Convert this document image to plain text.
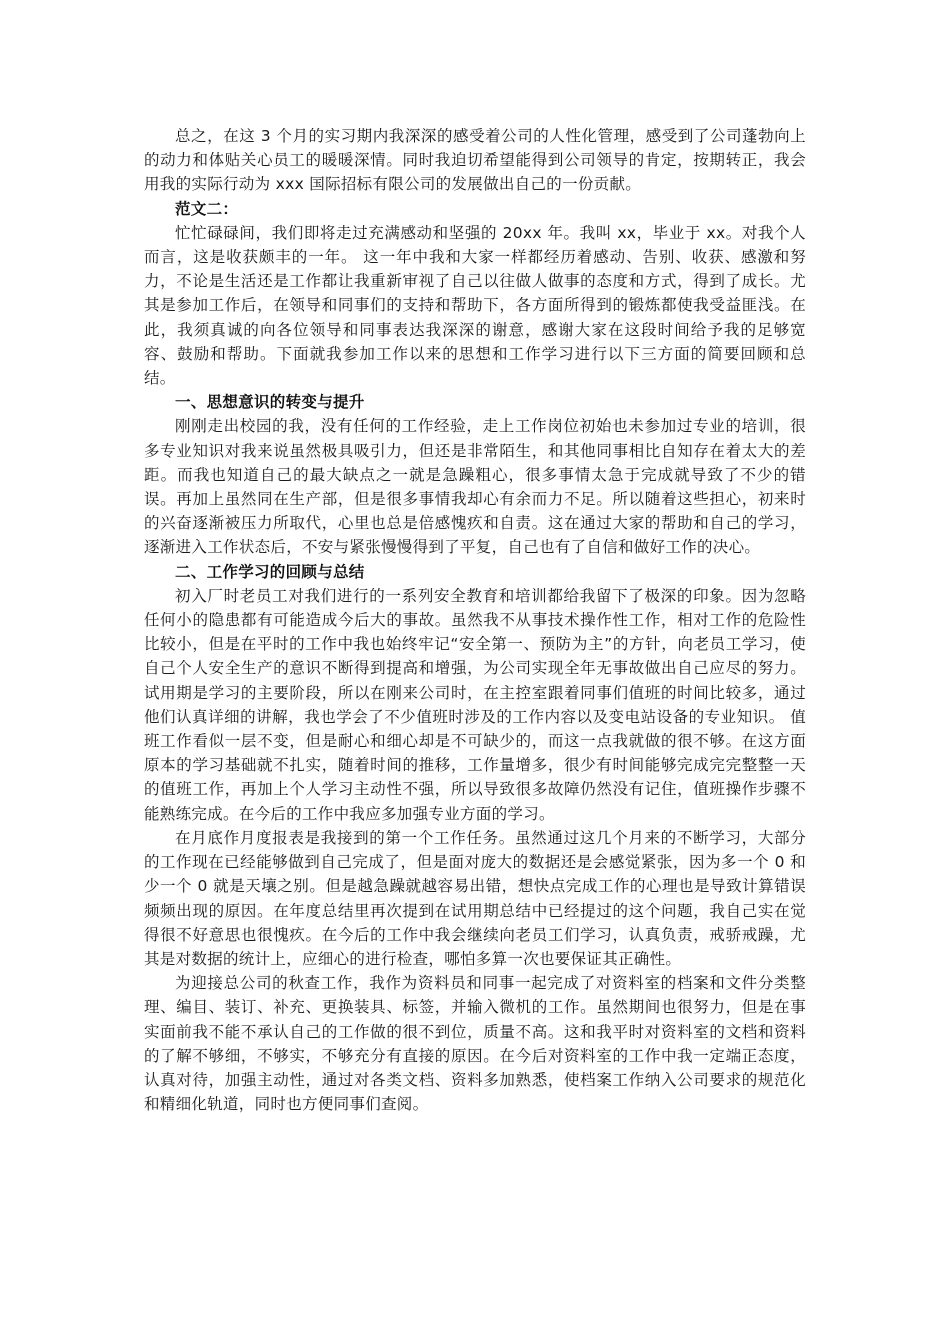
总之，在这 3 个月的实习期内我深深的感受着公司的人性化管理，感受到了公司蓬勃向上的动力和体贴关心员工的暖暖深情。同时我迫切希望能得到公司领导的肯定，按期转正，我会用我的实际行动为 xxx 国际招标有限公司的发展做出自己的一份贡献。

范文二：

忙忙碌碌间，我们即将走过充满感动和坚强的 20xx 年。我叫 xx，毕业于 xx。对我个人而言，这是收获颇丰的一年。 这一年中我和大家一样都经历着感动、告别、收获、感激和努力，不论是生活还是工作都让我重新审视了自己以往做人做事的态度和方式，得到了成长。尤其是参加工作后，在领导和同事们的支持和帮助下，各方面所得到的锻炼都使我受益匪浅。在此，我须真诚的向各位领导和同事表达我深深的谢意，感谢大家在这段时间给予我的足够宽容、鼓励和帮助。下面就我参加工作以来的思想和工作学习进行以下三方面的简要回顾和总结。

一、思想意识的转变与提升

刚刚走出校园的我，没有任何的工作经验，走上工作岗位初始也未参加过专业的培训，很多专业知识对我来说虽然极具吸引力，但还是非常陌生，和其他同事相比自知存在着太大的差距。而我也知道自己的最大缺点之一就是急躁粗心，很多事情太急于完成就导致了不少的错误。再加上虽然同在生产部，但是很多事情我却心有余而力不足。所以随着这些担心，初来时的兴奋逐渐被压力所取代，心里也总是倍感愧疚和自责。这在通过大家的帮助和自己的学习，逐渐进入工作状态后，不安与紧张慢慢得到了平复，自己也有了自信和做好工作的决心。

二、工作学习的回顾与总结

初入厂时老员工对我们进行的一系列安全教育和培训都给我留下了极深的印象。因为忽略任何小的隐患都有可能造成今后大的事故。虽然我不从事技术操作性工作，相对工作的危险性比较小，但是在平时的工作中我也始终牢记“安全第一、预防为主”的方针，向老员工学习，使自己个人安全生产的意识不断得到提高和增强，为公司实现全年无事故做出自己应尽的努力。试用期是学习的主要阶段，所以在刚来公司时，在主控室跟着同事们值班的时间比较多，通过他们认真详细的讲解，我也学会了不少值班时涉及的工作内容以及变电站设备的专业知识。 值班工作看似一层不变，但是耐心和细心却是不可缺少的，而这一点我就做的很不够。在这方面原本的学习基础就不扎实，随着时间的推移，工作量增多，很少有时间能够完成完完整整一天的值班工作，再加上个人学习主动性不强，所以导致很多故障仍然没有记住，值班操作步骤不能熟练完成。在今后的工作中我应多加强专业方面的学习。

在月底作月度报表是我接到的第一个工作任务。虽然通过这几个月来的不断学习，大部分的工作现在已经能够做到自己完成了，但是面对庞大的数据还是会感觉紧张，因为多一个 0 和少一个 0 就是天壤之别。但是越急躁就越容易出错，想快点完成工作的心理也是导致计算错误频频出现的原因。在年度总结里再次提到在试用期总结中已经提过的这个问题，我自己实在觉得很不好意思也很愧疚。在今后的工作中我会继续向老员工们学习，认真负责，戒骄戒躁，尤其是对数据的统计上，应细心的进行检查，哪怕多算一次也要保证其正确性。

为迎接总公司的秋查工作，我作为资料员和同事一起完成了对资料室的档案和文件分类整理、编目、装订、补充、更换装具、标签，并输入微机的工作。虽然期间也很努力，但是在事实面前我不能不承认自己的工作做的很不到位，质量不高。这和我平时对资料室的文档和资料的了解不够细，不够实，不够充分有直接的原因。在今后对资料室的工作中我一定端正态度，认真对待，加强主动性，通过对各类文档、资料多加熟悉，使档案工作纳入公司要求的规范化和精细化轨道，同时也方便同事们查阅。
